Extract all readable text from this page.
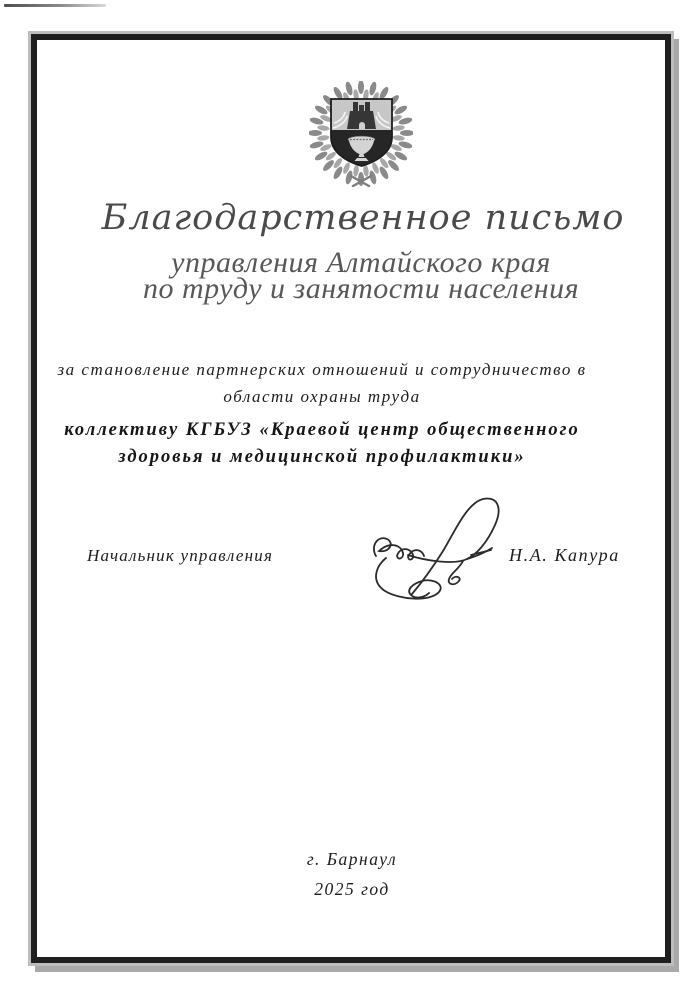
Благодарственное письмо
управления Алтайского края
по труду и занятости населения
за становление партнерских отношений и сотрудничество в
области охраны труда
коллективу КГБУЗ «Краевой центр общественного
здоровья и медицинской профилактики»
Начальник управления	Н.А. Капура
г. Барнаул
2025 год
